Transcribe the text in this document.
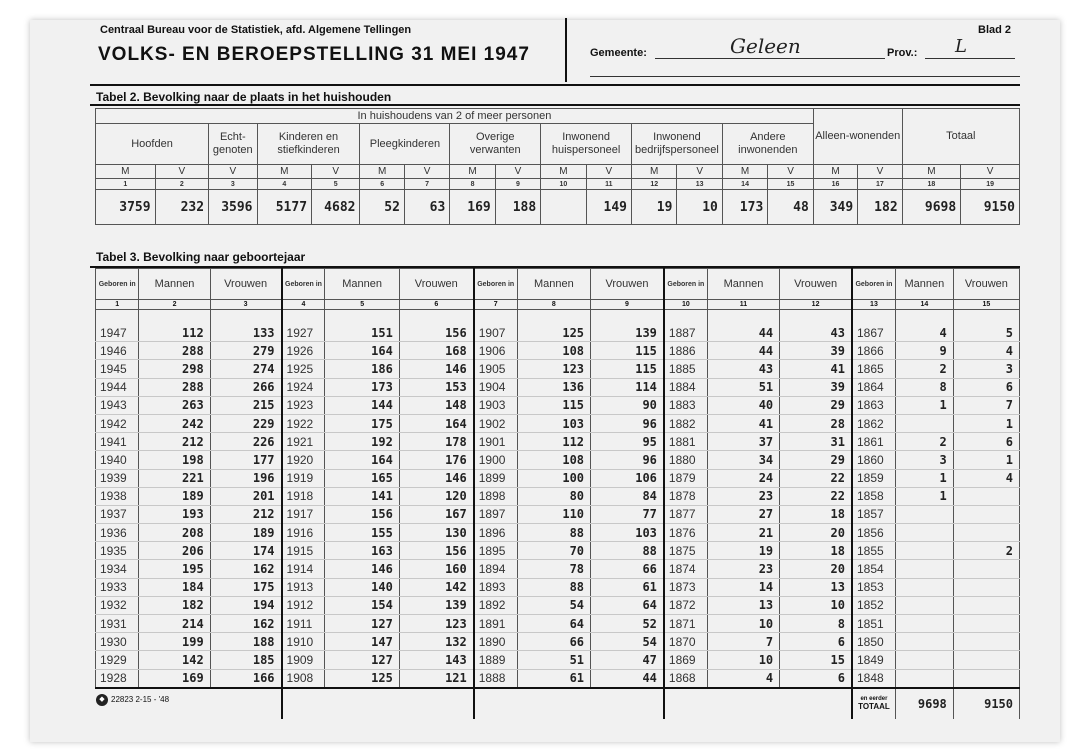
Centraal Bureau voor de Statistiek, afd. Algemene Tellingen
VOLKS- EN BEROEPSTELLING 31 MEI 1947
Blad 2
Gemeente:	Geleen	Prov.: L
Tabel 2. Bevolking naar de plaats in het huishouden
In huishoudens van 2 of meer personen															Alleen-wonenden		Totaal	
Hoofden		Echt-genoten	Kinderen en stiefkinderen		Pleegkinderen		Overige verwanten		Inwonend huispersoneel		Inwonend bedrijfspersoneel		Andere inwonenden					
M	V	V	M	V	M	V	M	V	M	V	M	V	M	V	M	V	M	V
1	2	3	4	5	6	7	8	9	10	11	12	13	14	15	16	17	18	19
3759	232	3596	5177	4682	52	63	169	188		149	19	10	173	48	349	182	9698	9150
Tabel 3. Bevolking naar geboortejaar
Geboren in	Mannen	Vrouwen	Geboren in	Mannen	Vrouwen	Geboren in	Mannen	Vrouwen	Geboren in	Mannen	Vrouwen	Geboren in	Mannen	Vrouwen
1	2	3	4	5	6	7	8	9	10	11	12	13	14	15

1947	112	133	1927	151	156	1907	125	139	1887	44	43	1867	4	5
1946	288	279	1926	164	168	1906	108	115	1886	44	39	1866	9	4
1945	298	274	1925	186	146	1905	123	115	1885	43	41	1865	2	3
1944	288	266	1924	173	153	1904	136	114	1884	51	39	1864	8	6
1943	263	215	1923	144	148	1903	115	90	1883	40	29	1863	1	7
1942	242	229	1922	175	164	1902	103	96	1882	41	28	1862		1
1941	212	226	1921	192	178	1901	112	95	1881	37	31	1861	2	6
1940	198	177	1920	164	176	1900	108	96	1880	34	29	1860	3	1
1939	221	196	1919	165	146	1899	100	106	1879	24	22	1859	1	4
1938	189	201	1918	141	120	1898	80	84	1878	23	22	1858	1	
1937	193	212	1917	156	167	1897	110	77	1877	27	18	1857		
1936	208	189	1916	155	130	1896	88	103	1876	21	20	1856		
1935	206	174	1915	163	156	1895	70	88	1875	19	18	1855		2
1934	195	162	1914	146	160	1894	78	66	1874	23	20	1854		
1933	184	175	1913	140	142	1893	88	61	1873	14	13	1853		
1932	182	194	1912	154	139	1892	54	64	1872	13	10	1852		
1931	214	162	1911	127	123	1891	64	52	1871	10	8	1851		
1930	199	188	1910	147	132	1890	66	54	1870	7	6	1850		
1929	142	185	1909	127	143	1889	51	47	1869	10	15	1849		
1928	169	166	1908	125	121	1888	61	44	1868	4	6	1848		

												en eerder
TOTAAL	9698	9150
◆ 22823 2-15 - '48
